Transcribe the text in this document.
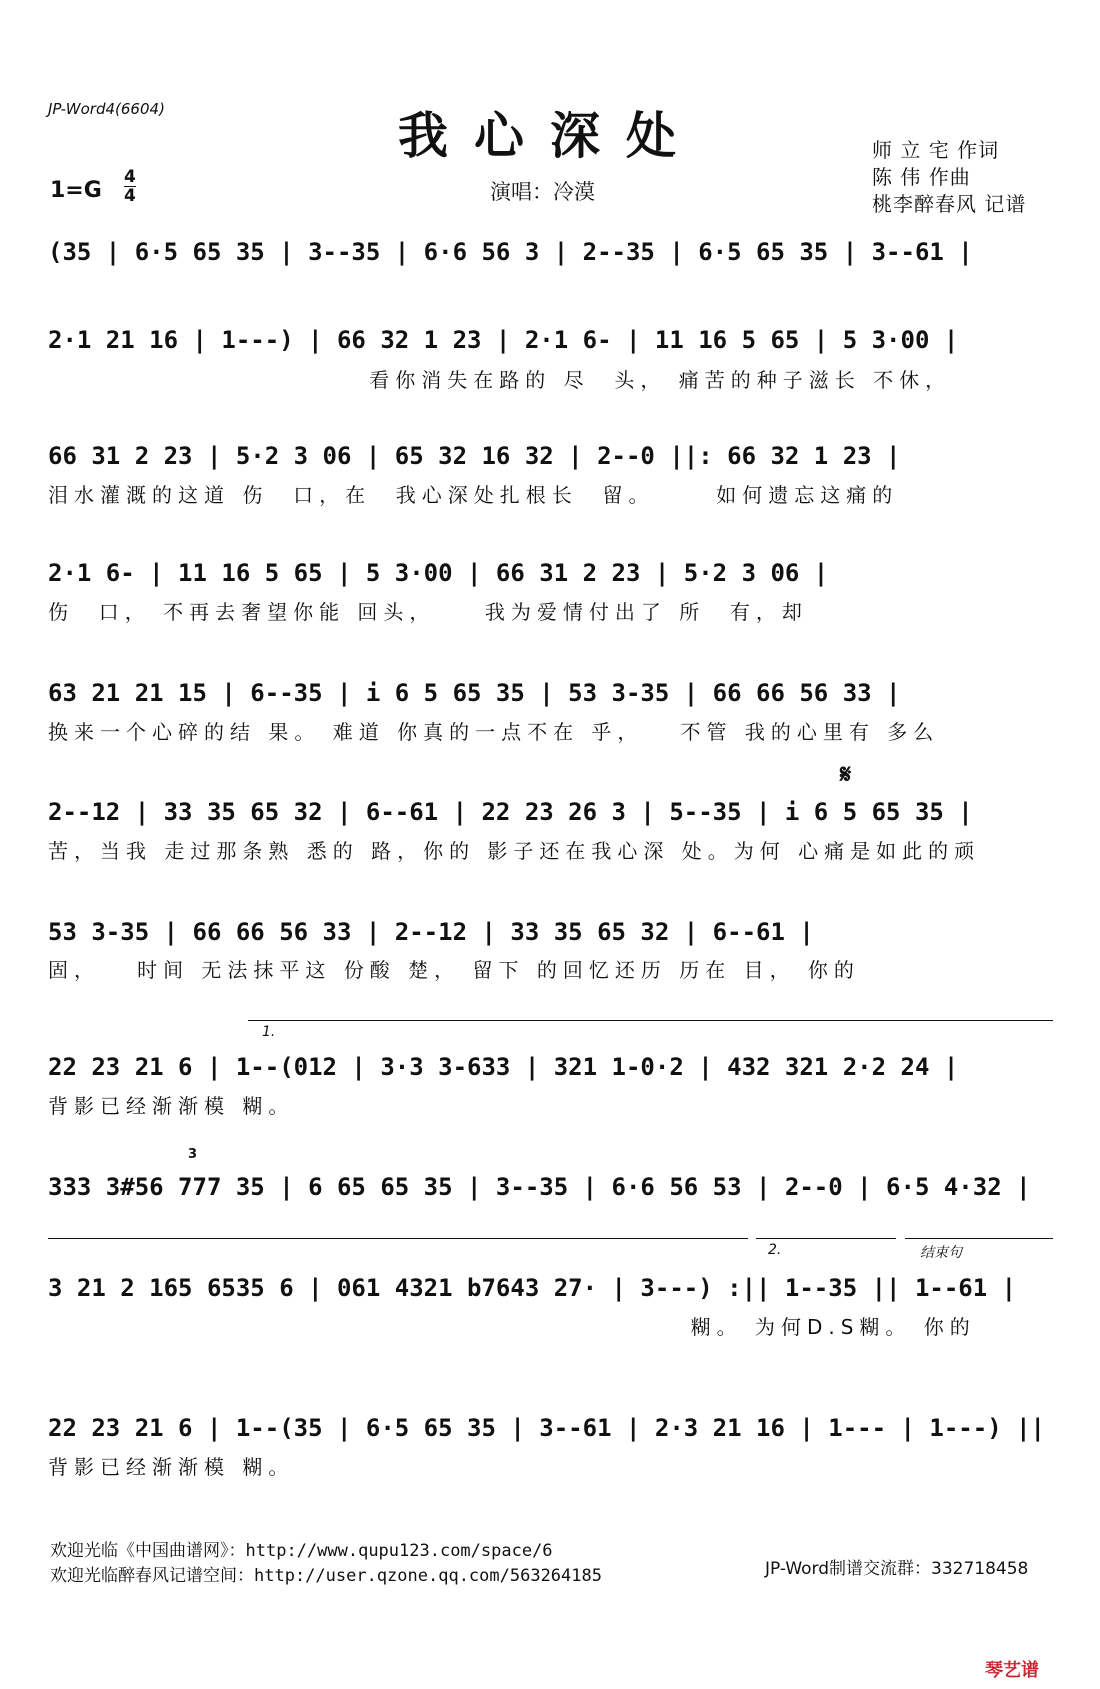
JP-Word4(6604)	我心深处
1=G
4
4	演唱：冷漠
师 立 宅 作词
陈 伟 作曲
桃李醉春风 记谱
(35 | 6·5 65 35 | 3--35 | 6·6 56 3 | 2--35 | 6·5 65 35 | 3--61 |
2·1 21 16 | 1---) | 66 32 1 23 | 2·1 6- | 11 16 5 65 | 5 3·00 |
看你消失在路的 尽  头， 痛苦的种子滋长 不休，
66 31 2 23 | 5·2 3 06 | 65 32 16 32 | 2--0 ||: 66 32 1 23 |
泪水灌溉的这道 伤  口，在  我心深处扎根长  留。     如何遗忘这痛的
2·1 6- | 11 16 5 65 | 5 3·00 | 66 31 2 23 | 5·2 3 06 |
伤  口， 不再去奢望你能 回头，    我为爱情付出了 所  有，却
63 21 21 15 | 6--35 | i 6 5 65 35 | 53 3-35 | 66 66 56 33 |
换来一个心碎的结 果。 难道 你真的一点不在 乎，   不管 我的心里有 多么
𝄋
2--12 | 33 35 65 32 | 6--61 | 22 23 26 3 | 5--35 | i 6 5 65 35 |
苦，当我 走过那条熟 悉的 路，你的 影子还在我心深 处。为何 心痛是如此的顽
53 3-35 | 66 66 56 33 | 2--12 | 33 35 65 32 | 6--61 |
固，   时间 无法抹平这 份酸 楚， 留下 的回忆还历 历在 目， 你的
1.
22 23 21 6 | 1--(012 | 3·3 3-633 | 321 1-0·2 | 432 321 2·2 24 |
背影已经渐渐模 糊。
3
333 3#56 777 35 | 6 65 65 35 | 3--35 | 6·6 56 53 | 2--0 | 6·5 4·32 |
2.	结束句
3 21 2 165 6535 6 | 061 4321 b7643 27· | 3---) :|| 1--35 || 1--61 |
糊。 为何D.S糊。 你的
22 23 21 6 | 1--(35 | 6·5 65 35 | 3--61 | 2·3 21 16 | 1--- | 1---) ||
背影已经渐渐模 糊。
欢迎光临《中国曲谱网》：http://www.qupu123.com/space/6
欢迎光临醉春风记谱空间：http://user.qzone.qq.com/563264185	JP-Word制谱交流群：332718458
琴艺谱
